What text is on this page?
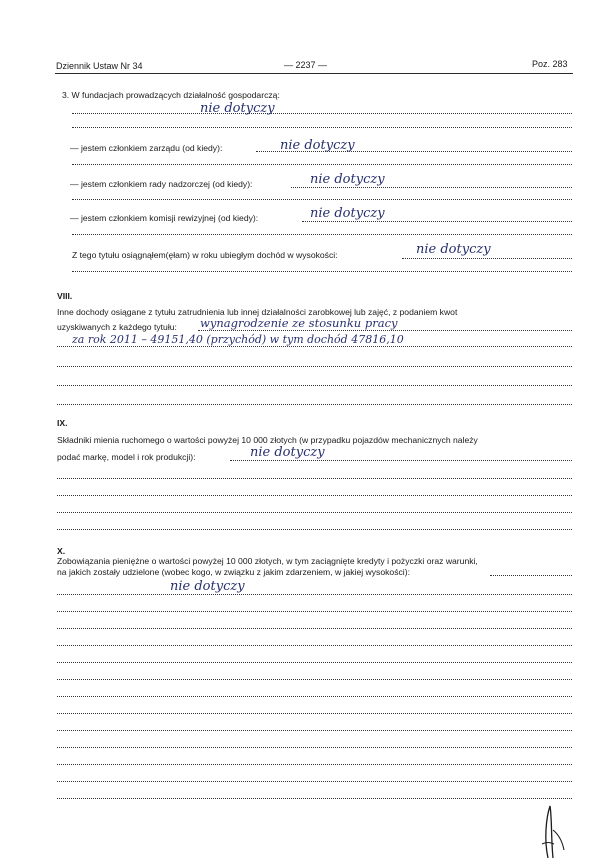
Dziennik Ustaw Nr 34	— 2237 —	Poz. 283
3. W fundacjach prowadzących działalność gospodarczą:
nie dotyczy
— jestem członkiem zarządu (od kiedy):	nie dotyczy
— jestem członkiem rady nadzorczej (od kiedy):	nie dotyczy
— jestem członkiem komisji rewizyjnej (od kiedy):	nie dotyczy
Z tego tytułu osiągnąłem(ęłam) w roku ubiegłym dochód w wysokości:	nie dotyczy
VIII.
Inne dochody osiągane z tytułu zatrudnienia lub innej działalności zarobkowej lub zajęć, z podaniem kwot
uzyskiwanych z każdego tytułu: wynagrodzenie ze stosunku pracy
za rok 2011 – 49151,40 (przychód) w tym dochód 47816,10
IX.
Składniki mienia ruchomego o wartości powyżej 10 000 złotych (w przypadku pojazdów mechanicznych należy
podać markę, model i rok produkcji):	nie dotyczy
X.
Zobowiązania pieniężne o wartości powyżej 10 000 złotych, w tym zaciągnięte kredyty i pożyczki oraz warunki,
na jakich zostały udzielone (wobec kogo, w związku z jakim zdarzeniem, w jakiej wysokości):
nie dotyczy
